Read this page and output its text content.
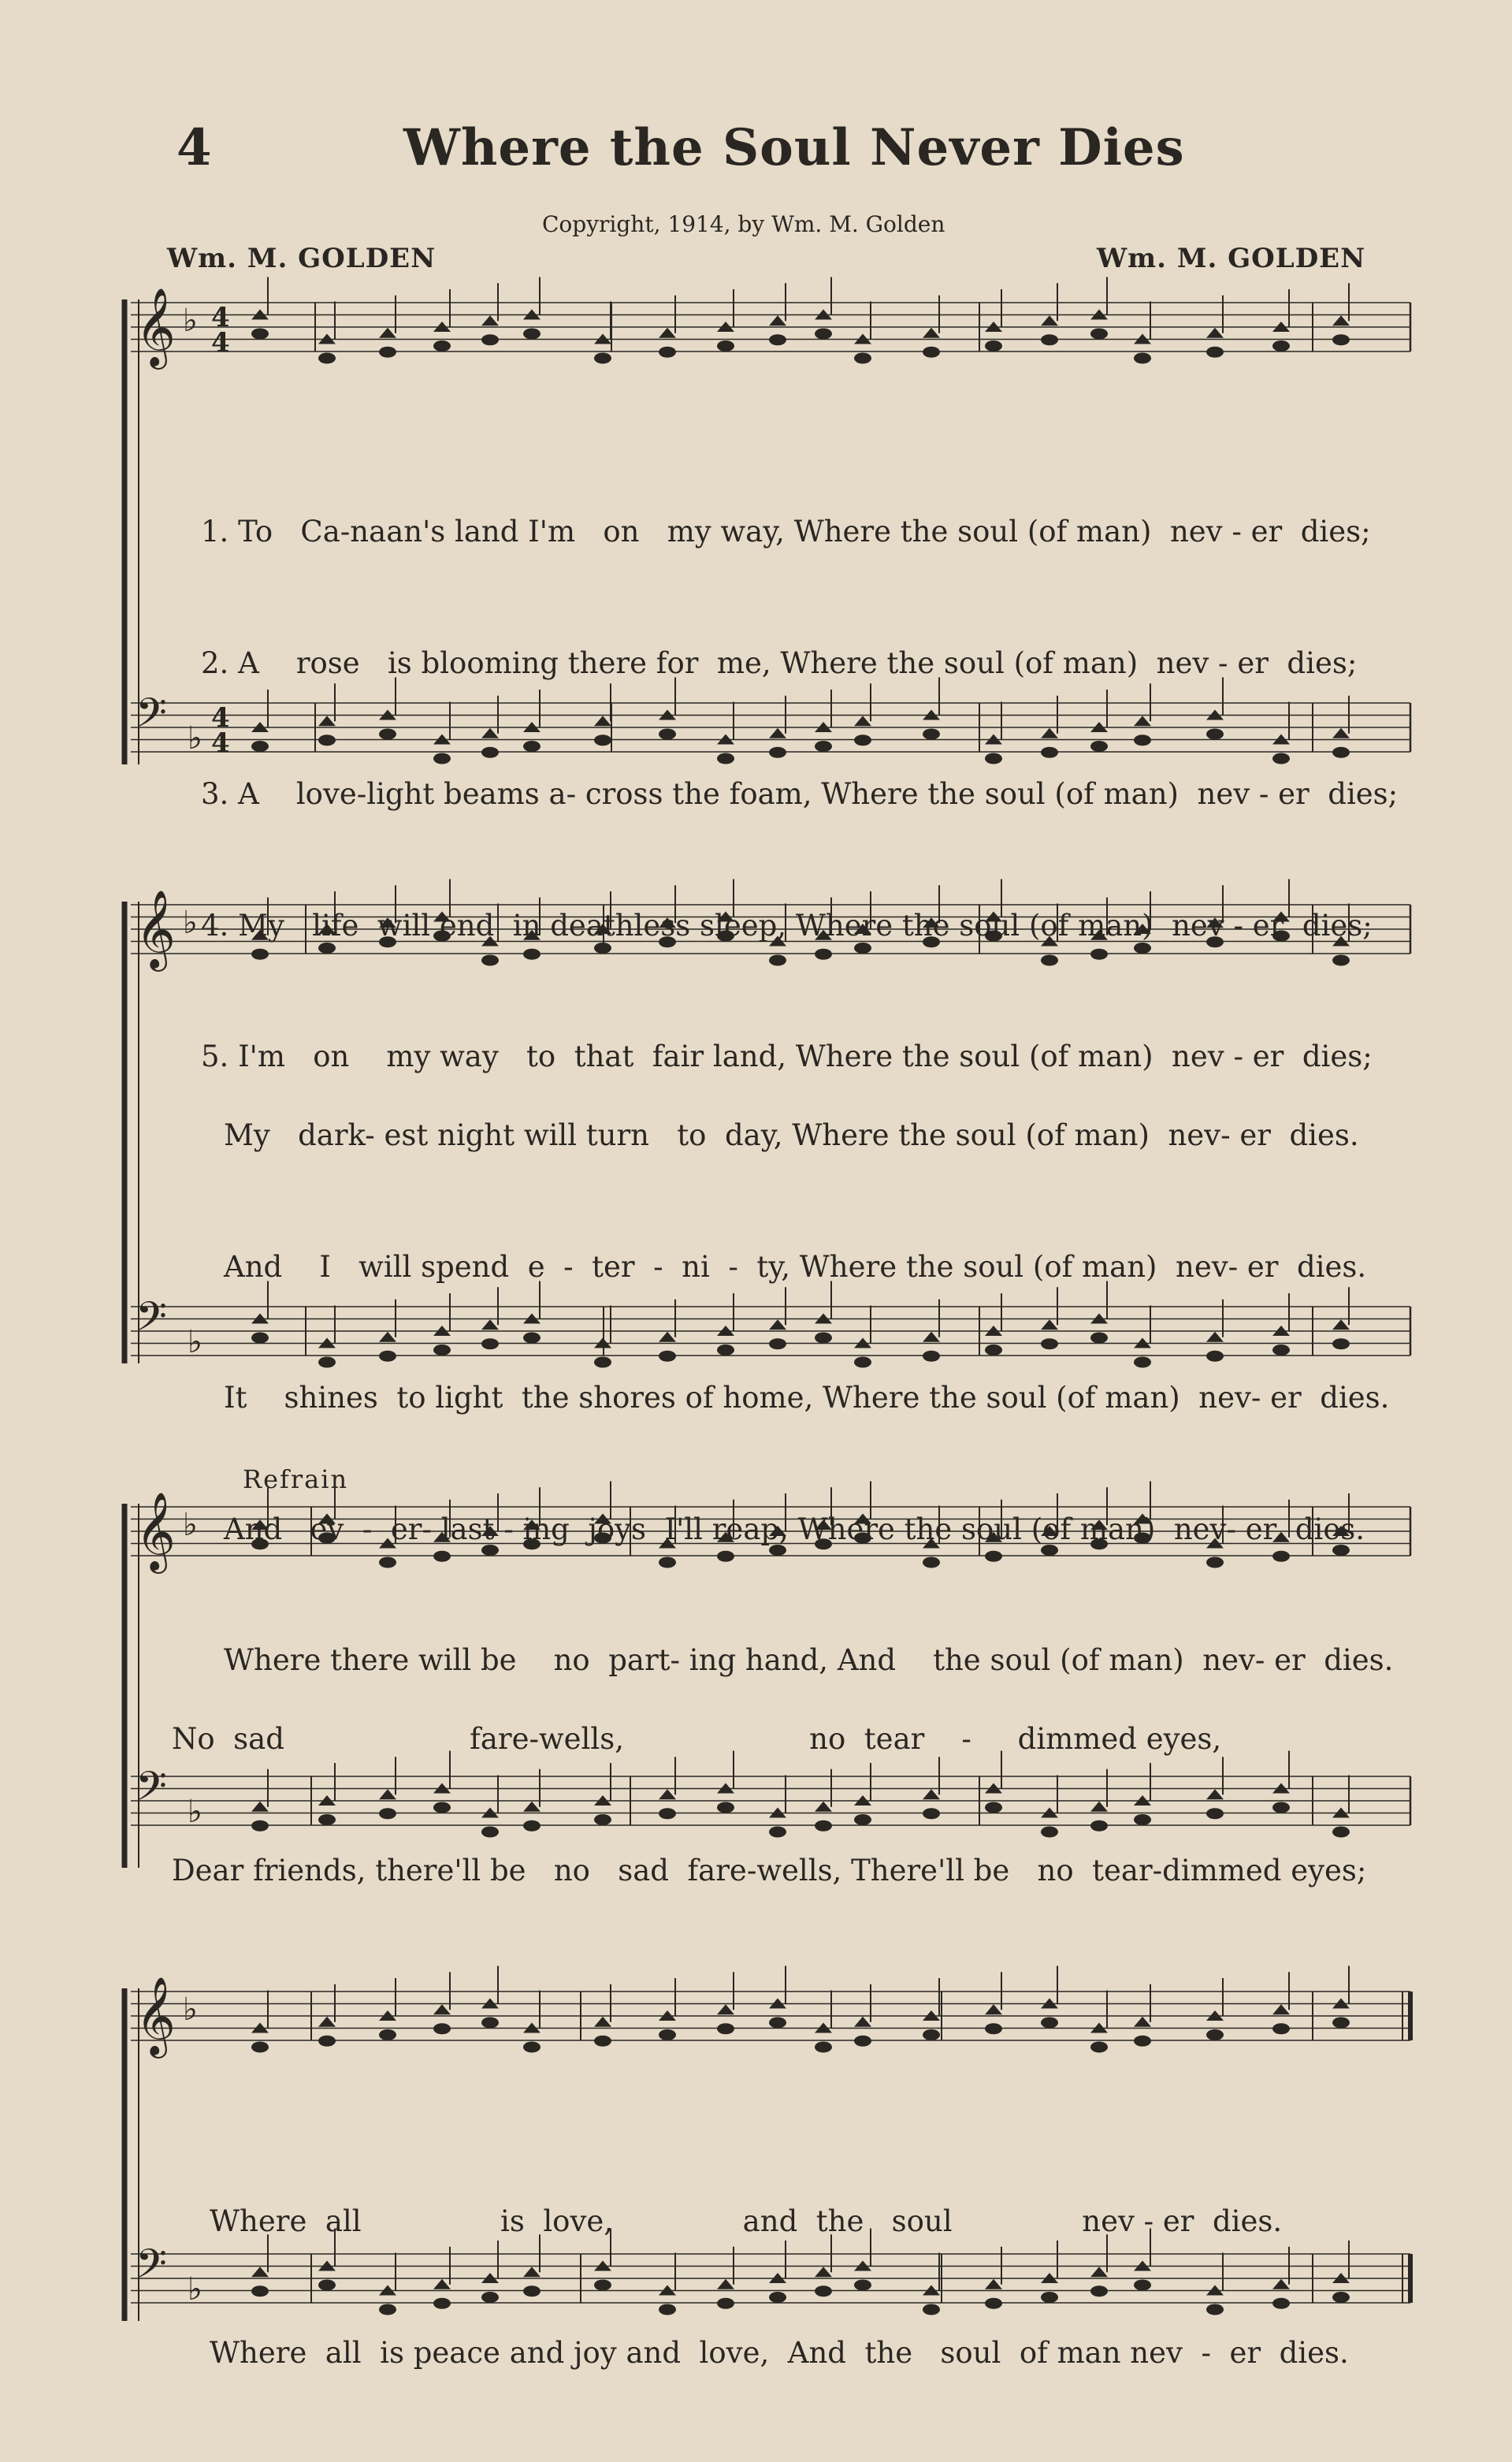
4	Where the Soul Never Dies
Copyright, 1914, by Wm. M. Golden
Wm. M. GOLDEN	Wm. M. GOLDEN
Refrain
𝄞 ♭ 4
4
𝄢 ♭
4
4
𝄞 ♭
𝄢 ♭
𝄞 ♭
𝄢 ♭
𝄞 ♭
𝄢 ♭

1. To   Ca-naan's land I'm   on   my way, Where the soul (of man)  nev - er  dies;

2. A    rose   is blooming there for  me, Where the soul (of man)  nev - er  dies;

3. A    love-light beams a- cross the foam, Where the soul (of man)  nev - er  dies;

4. My   life  will end  in deathless sleep, Where the soul (of man)  nev - er  dies;

5. I'm   on    my way   to  that  fair land, Where the soul (of man)  nev - er  dies;

My   dark- est night will turn   to  day, Where the soul (of man)  nev- er  dies.

And    I   will spend  e  -  ter  -  ni  -  ty, Where the soul (of man)  nev- er  dies.

It    shines  to light  the shores of home, Where the soul (of man)  nev- er  dies.

And   ev  -  er- last - ing  joys  I'll reap, Where the soul (of man)  nev- er  dies.

Where there will be    no  part- ing hand, And    the soul (of man)  nev- er  dies.

No  sad                    fare-wells,                    no  tear    -     dimmed eyes,

Dear friends, there'll be   no   sad  fare-wells, There'll be   no  tear-dimmed eyes;

Where  all               is  love,              and  the   soul              nev - er  dies.

Where  all  is peace and joy and  love,  And  the   soul  of man nev  -  er  dies.
